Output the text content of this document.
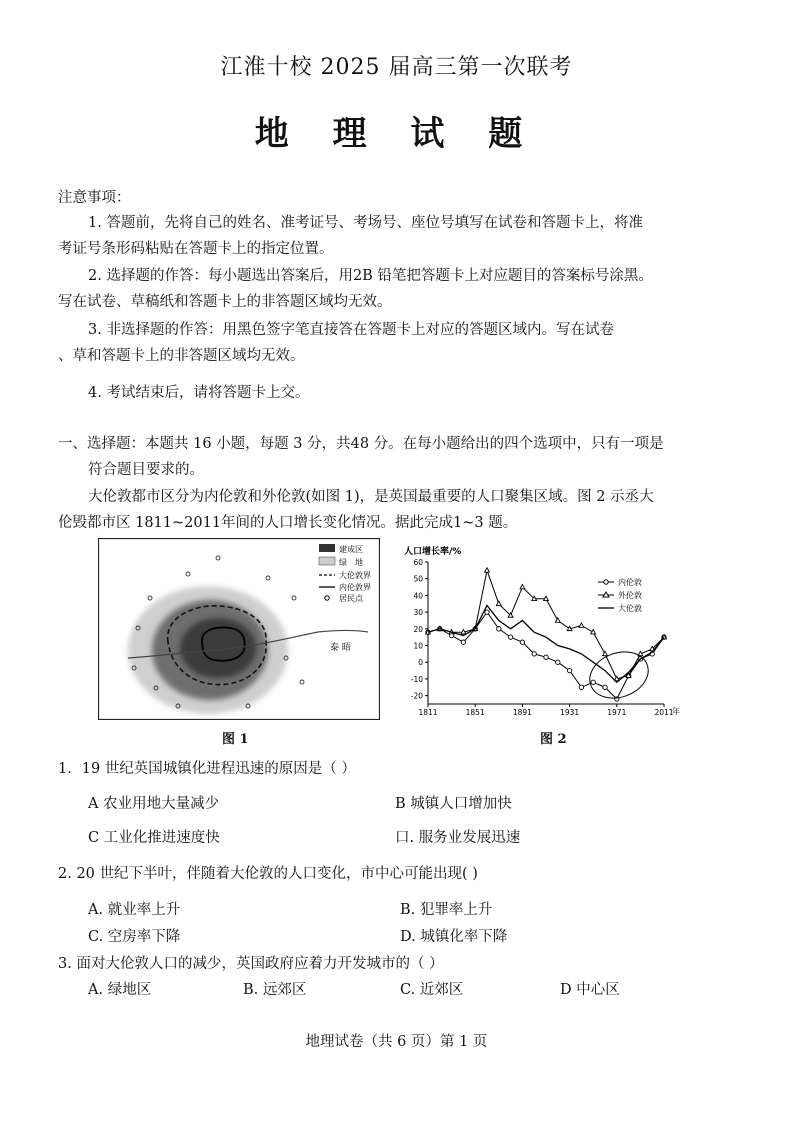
江淮十校 2025 届高三第一次联考
地 理 试 题
注意事项：
1. 答题前，先将自己的姓名、准考证号、考场号、座位号填写在试卷和答题卡上，将准
考证号条形码粘贴在答题卡上的指定位置。
2. 选择题的作答：每小题选出答案后，用2B 铅笔把答题卡上对应题目的答案标号涂黑。
写在试卷、草稿纸和答题卡上的非答题区域均无效。
3. 非选择题的作答：用黑色签字笔直接答在答题卡上对应的答题区域内。写在试卷
、草和答题卡上的非答题区域均无效。
4. 考试结束后，请将答题卡上交。
一、选择题：本题共 16 小题，每题 3 分，共48 分。在每小题给出的四个选项中，只有一项是
符合题目要求的。
大伦敦都市区分为内伦敦和外伦敦(如图 1)，是英国最重要的人口聚集区域。图 2 示丞大
伦毁都市区 1811~2011年间的人口增长变化情况。据此完成1~3 题。
泰 晤
建成区
绿　地
大伦敦界
内伦敦界
居民点
图 1
人口增长率/%
年
60
50
40
30
20
10
0
-10
-20
1811	1851	1891	1931	1971	2011
内伦敦
外伦敦
大伦敦
图 2
1．19 世纪英国城镇化进程迅速的原因是（ ）
A 农业用地大量减少	B 城镇人口增加快
C 工业化推进速度快	口. 服务业发展迅速
2. 20 世纪下半叶，伴随着大伦敦的人口变化，市中心可能出现( )
A. 就业率上升	B. 犯罪率上升
C. 空房率下降	D. 城镇化率下降
3. 面对大伦敦人口的减少，英国政府应着力开发城市的（ ）
A. 绿地区	B. 远郊区	C. 近郊区	D 中心区
地理试卷（共 6 页）第 1 页
